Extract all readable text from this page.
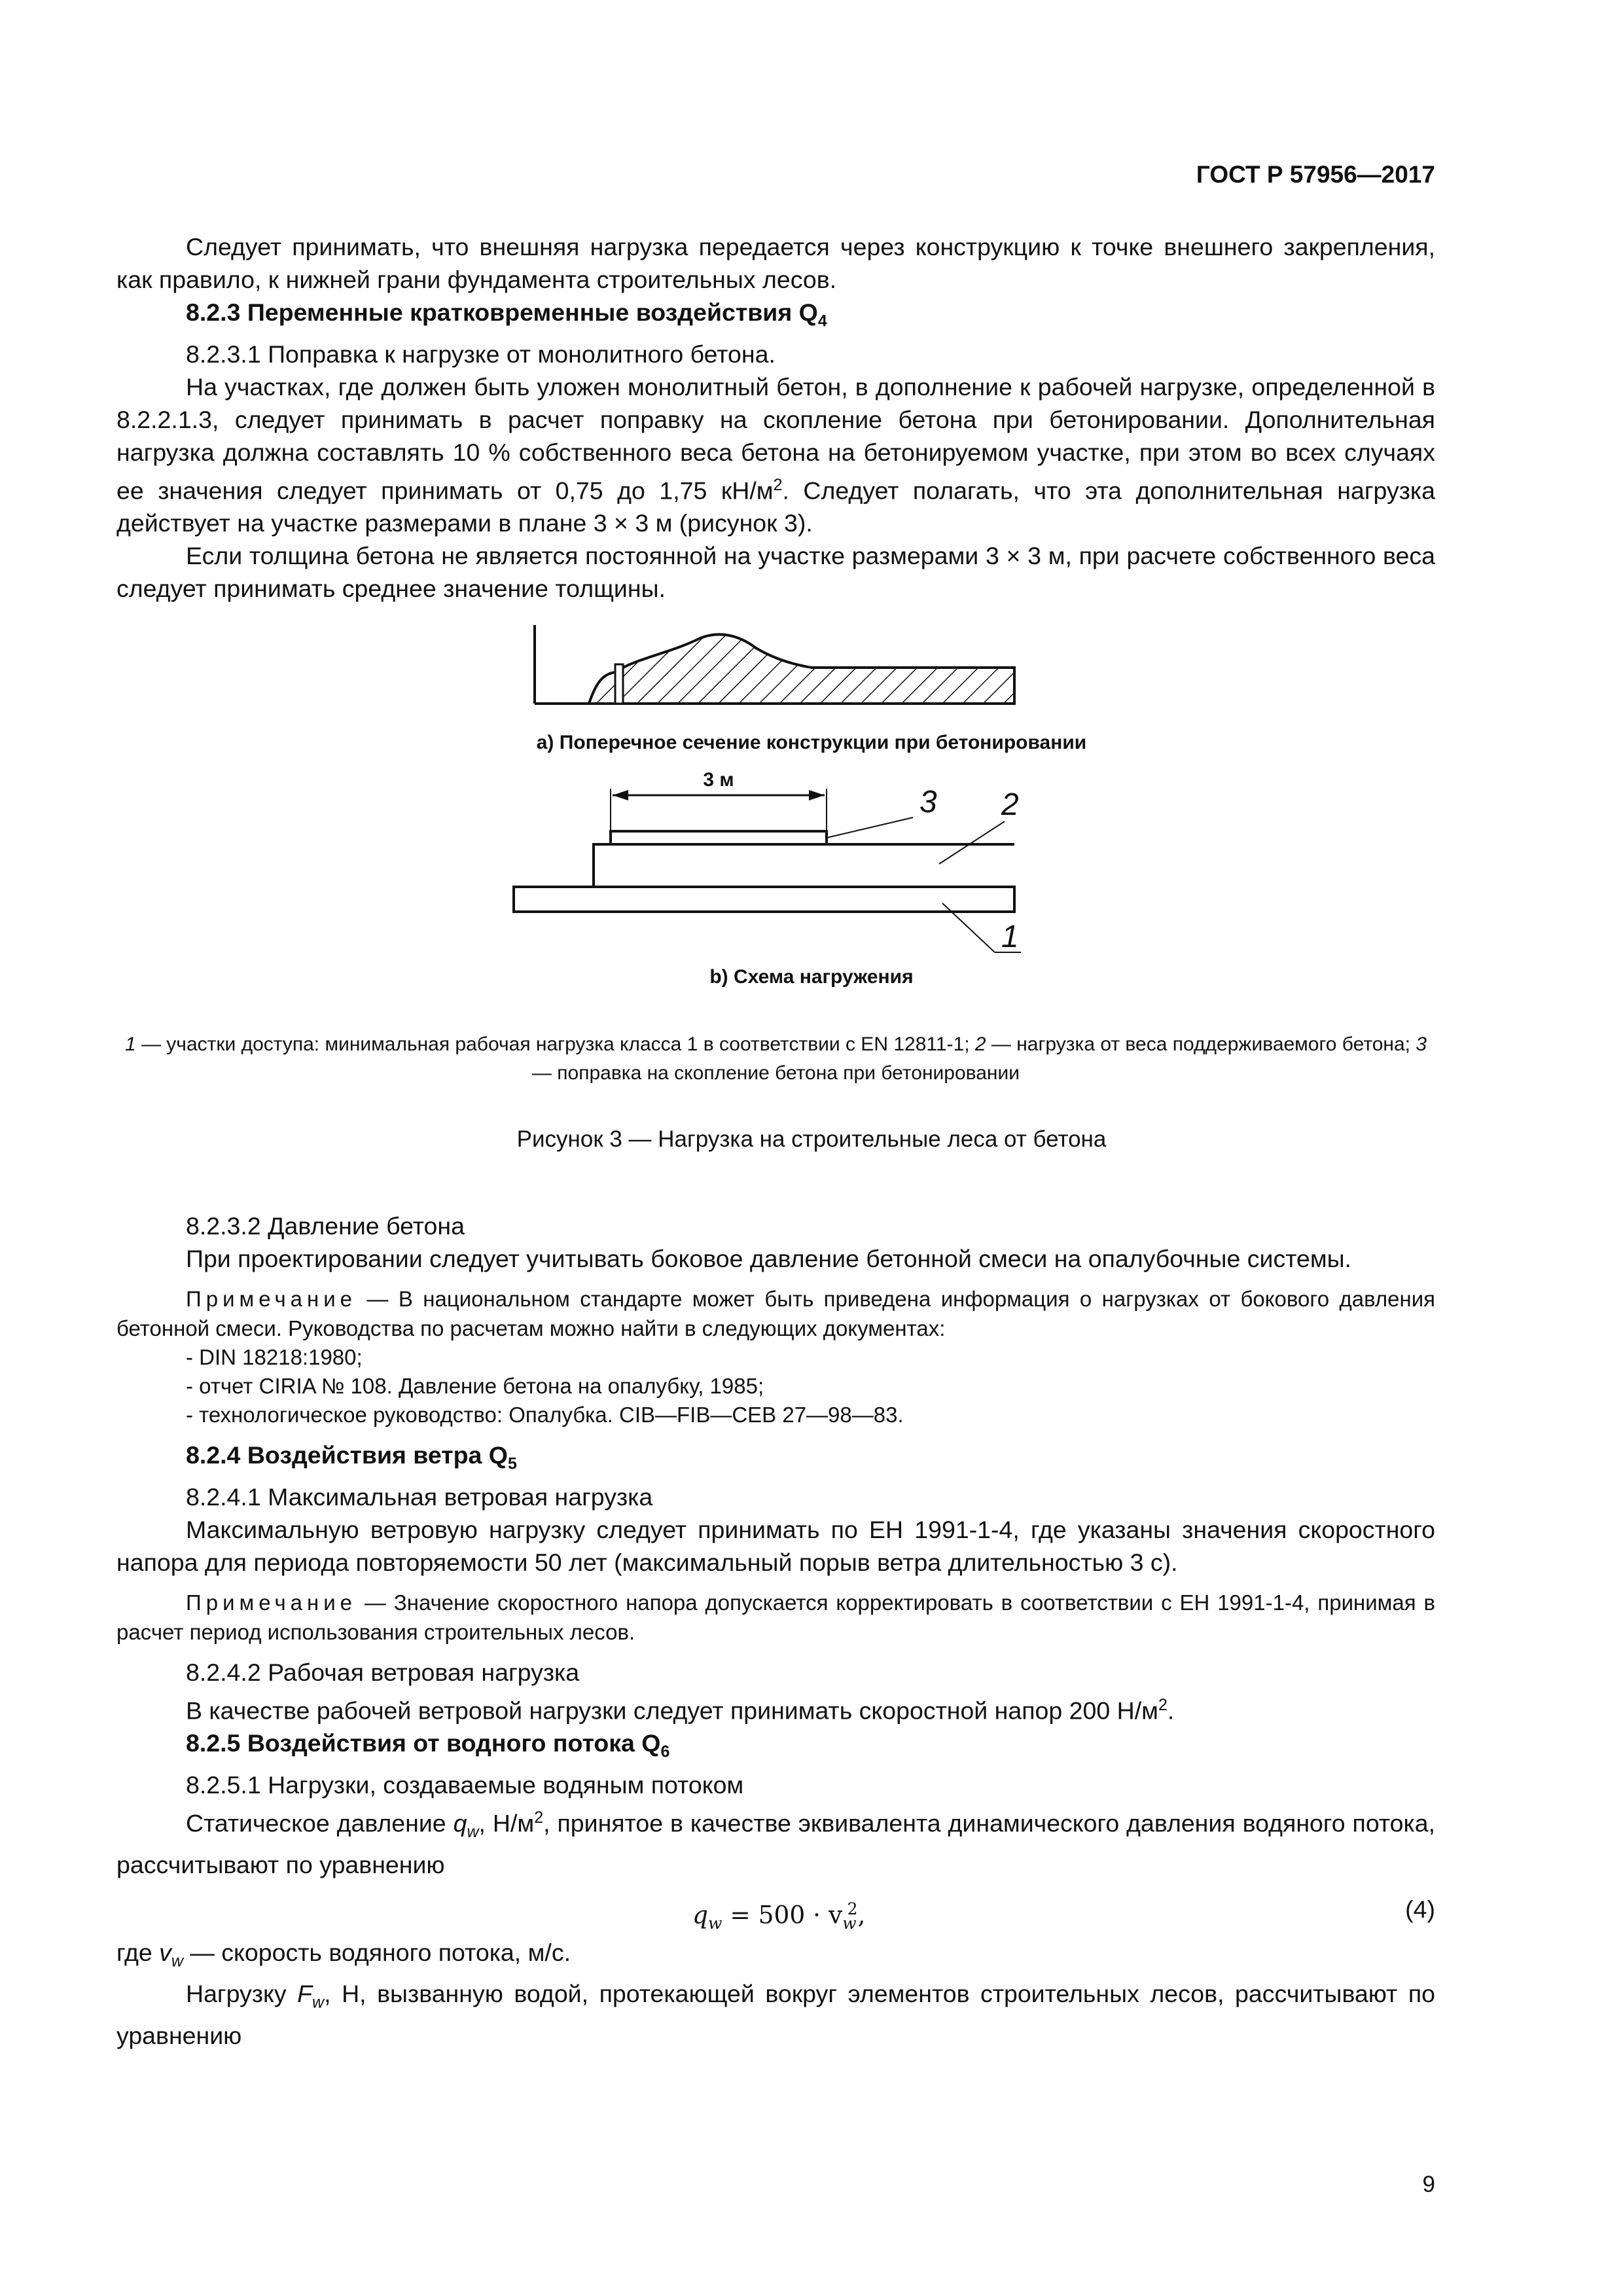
ГОСТ Р 57956—2017

Следует принимать, что внешняя нагрузка передается через конструкцию к точке внешнего закрепления, как правило, к нижней грани фундамента строительных лесов.

8.2.3 Переменные кратковременные воздействия $Q_4$

8.2.3.1 Поправка к нагрузке от монолитного бетона.

На участках, где должен быть уложен монолитный бетон, в дополнение к рабочей нагрузке, определенной в 8.2.2.1.3, следует принимать в расчет поправку на скопление бетона при бетонировании. Дополнительная нагрузка должна составлять 10 % собственного веса бетона на бетонируемом участке, при этом во всех случаях ее значения следует принимать от 0,75 до 1,75 $кН/м^2$. Следует полагать, что эта дополнительная нагрузка действует на участке размерами в плане 3 × 3 м (рисунок 3).

Если толщина бетона не является постоянной на участке размерами 3 × 3 м, при расчете собственного веса следует принимать среднее значение толщины.

3 м
3 2
1
а) Поперечное сечение конструкции при бетонировании
b) Схема нагружения
1 — участки доступа: минимальная рабочая нагрузка класса 1 в соответствии с EN 12811-1; 2 — нагрузка от веса поддерживаемого бетона; 3 — поправка на скопление бетона при бетонировании
Рисунок 3 — Нагрузка на строительные леса от бетона

8.2.3.2 Давление бетона

При проектировании следует учитывать боковое давление бетонной смеси на опалубочные системы.

Примечание — В национальном стандарте может быть приведена информация о нагрузках от бокового давления бетонной смеси. Руководства по расчетам можно найти в следующих документах:

- DIN 18218:1980;

- отчет CIRIA № 108. Давление бетона на опалубку, 1985;

- технологическое руководство: Опалубка. CIB—FIB—CEB 27—98—83.

8.2.4 Воздействия ветра $Q_5$

8.2.4.1 Максимальная ветровая нагрузка

Максимальную ветровую нагрузку следует принимать по ЕН 1991-1-4, где указаны значения скоростного напора для периода повторяемости 50 лет (максимальный порыв ветра длительностью 3 с).

Примечание — Значение скоростного напора допускается корректировать в соответствии с ЕН 1991-1-4, принимая в расчет период использования строительных лесов.

8.2.4.2 Рабочая ветровая нагрузка

В качестве рабочей ветровой нагрузки следует принимать скоростной напор 200 $Н/м^2$.

8.2.5 Воздействия от водного потока $Q_6$

8.2.5.1 Нагрузки, создаваемые водяным потоком

Статическое давление $q_w$, $Н/м^2$, принятое в качестве эквивалента динамического давления водяного потока, рассчитывают по уравнению

$q_w = 500 \cdot v_w^2$,	(4)

где $v_w$ — скорость водяного потока, м/с.

Нагрузку $F_w$, Н, вызванную водой, протекающей вокруг элементов строительных лесов, рассчитывают по уравнению

9
